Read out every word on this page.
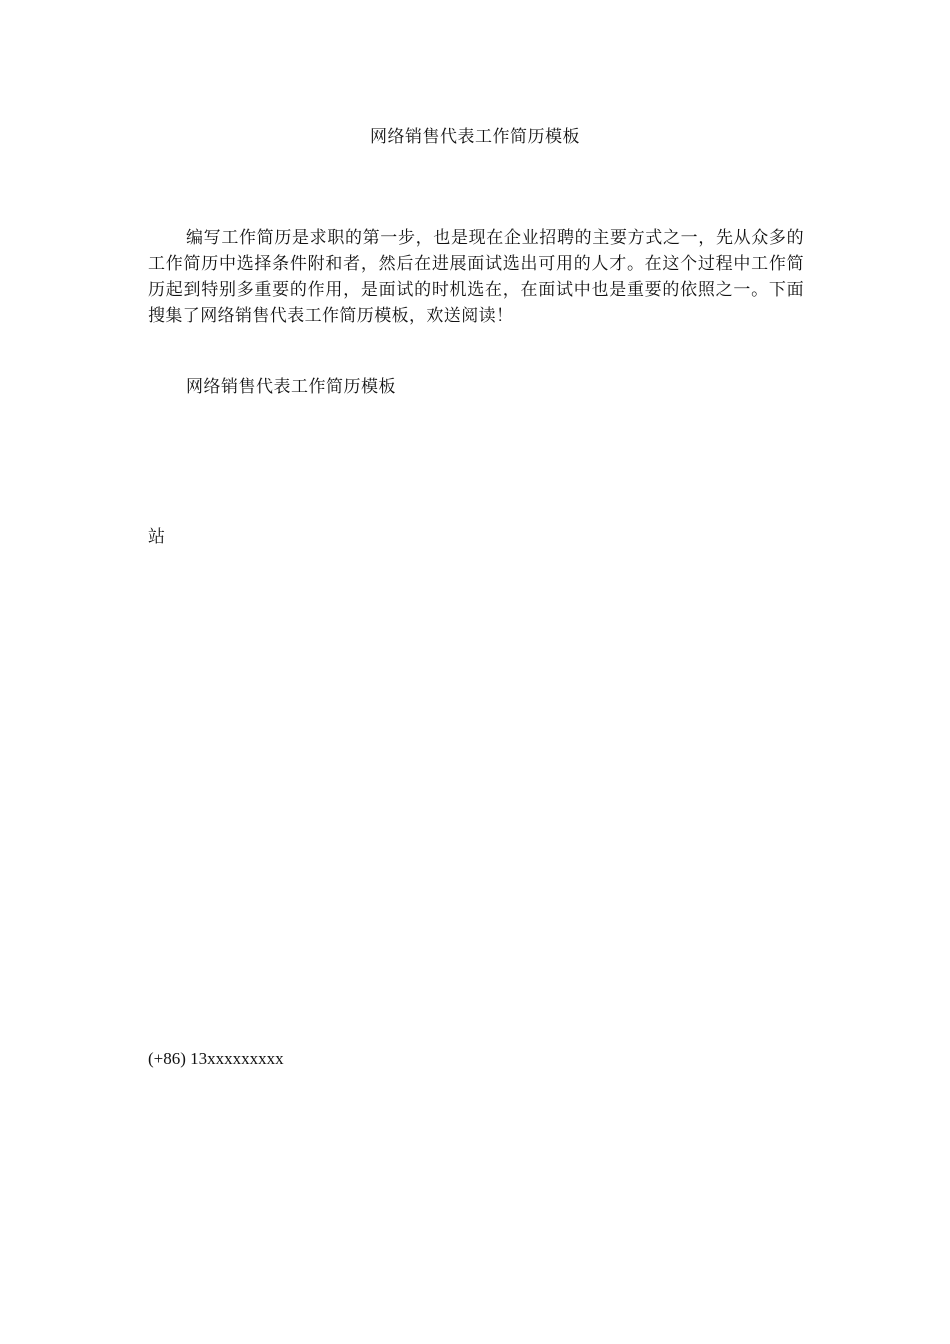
网络销售代表工作简历模板

编写工作简历是求职的第一步，也是现在企业招聘的主要方式之一，先从众多的工作简历中选择条件附和者，然后在进展面试选出可用的人才。在这个过程中工作简历起到特别多重要的作用，是面试的时机选在，在面试中也是重要的依照之一。下面搜集了网络销售代表工作简历模板，欢送阅读！

网络销售代表工作简历模板
站
(+86) 13xxxxxxxxx
